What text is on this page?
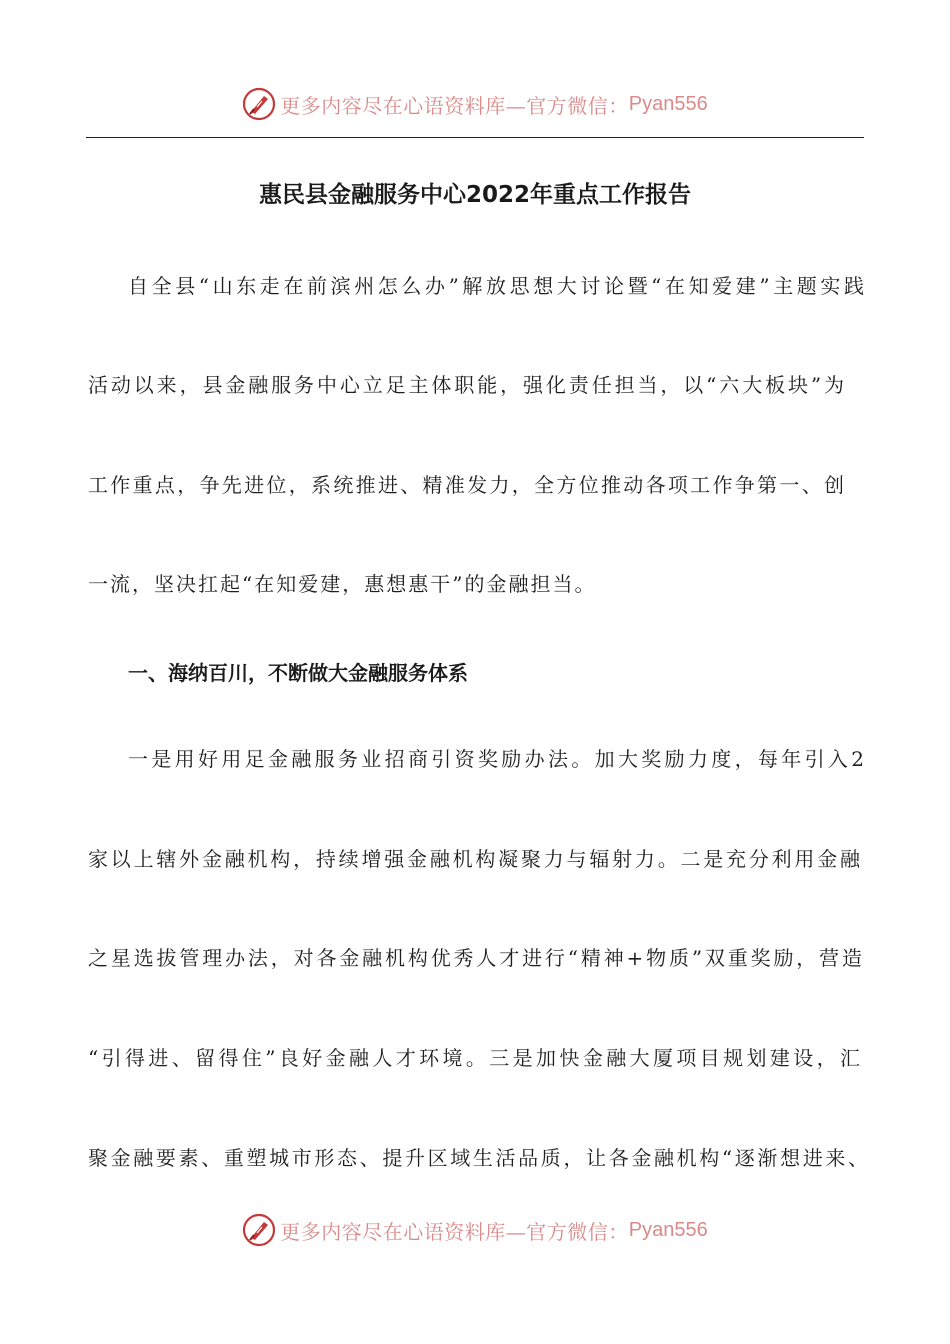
更多内容尽在心语资料库—官方微信： Pyan556
惠民县金融服务中心2022年重点工作报告
自全县“山东走在前滨州怎么办”解放思想大讨论暨“在知爱建”主题实践
活动以来，县金融服务中心立足主体职能，强化责任担当，以“六大板块”为
工作重点，争先进位，系统推进、精准发力，全方位推动各项工作争第一、创
一流，坚决扛起“在知爱建，惠想惠干”的金融担当。
一、海纳百川，不断做大金融服务体系
一是用好用足金融服务业招商引资奖励办法。加大奖励力度，每年引入2
家以上辖外金融机构，持续增强金融机构凝聚力与辐射力。二是充分利用金融
之星选拔管理办法，对各金融机构优秀人才进行“精神+物质”双重奖励，营造
“引得进、留得住”良好金融人才环境。三是加快金融大厦项目规划建设，汇
聚金融要素、重塑城市形态、提升区域生活品质，让各金融机构“逐渐想进来、
更多内容尽在心语资料库—官方微信： Pyan556
